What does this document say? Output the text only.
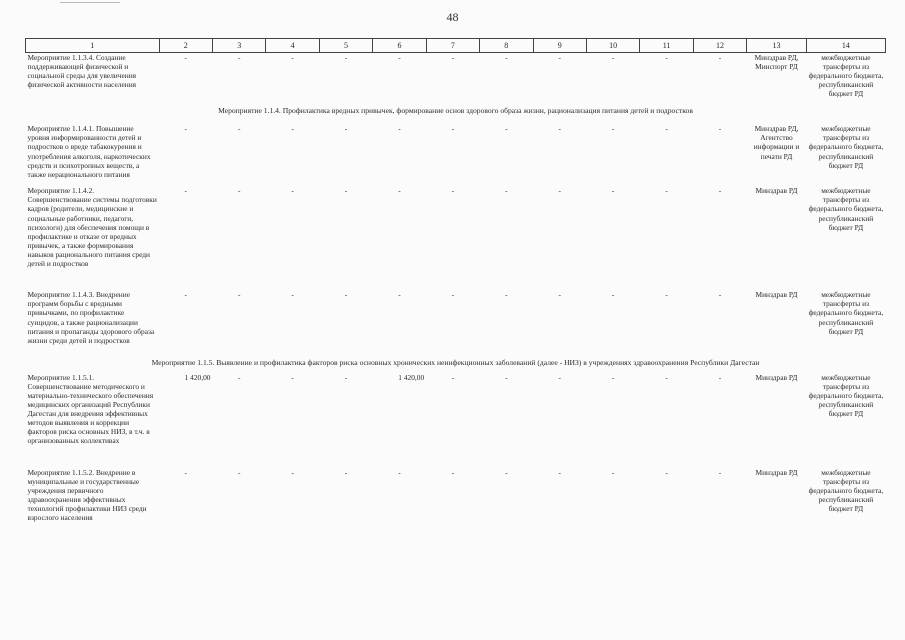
48
1	2	3	4	5	6	7	8	9	10	11	12	13	14
Мероприятие 1.1.3.4. Создание поддерживающей физической и социальной среды для увеличения физической активности населения	-	-	-	-	-	-	-	-	-	-	-	Минздрав РД, Минспорт РД	межбюджетные трансферты из федерального бюджета, республиканский бюджет РД
Мероприятие 1.1.4. Профилактика вредных привычек, формирование основ здорового образа жизни, рационализация питания детей и подростков													
Мероприятие 1.1.4.1. Повышение уровня информированности детей и подростков о вреде табакокурения и употребления алкоголя, наркотических средств и психотропных веществ, а также нерационального питания	-	-	-	-	-	-	-	-	-	-	-	Минздрав РД, Агентство информации и печати РД	межбюджетные трансферты из федерального бюджета, республиканский бюджет РД
Мероприятие 1.1.4.2. Совершенствование системы подготовки кадров (родители, медицинские и социальные работники, педагоги, психологи) для обеспечения помощи в профилактике и отказе от вредных привычек, а также формирования навыков рационального питания среди детей и подростков	-	-	-	-	-	-	-	-	-	-	-	Минздрав РД	межбюджетные трансферты из федерального бюджета, республиканский бюджет РД
Мероприятие 1.1.4.3. Внедрение программ борьбы с вредными привычками, по профилактике суицидов, а также рационализации питания и пропаганды здорового образа жизни среди детей и подростков	-	-	-	-	-	-	-	-	-	-	-	Минздрав РД	межбюджетные трансферты из федерального бюджета, республиканский бюджет РД
Мероприятие 1.1.5. Выявление и профилактика факторов риска основных хронических неинфекционных заболеваний (далее - НИЗ) в учреждениях здравоохранения Республики Дагестан													
Мероприятие 1.1.5.1. Совершенствование методического и материально-технического обеспечения медицинских организаций Республики Дагестан для внедрения эффективных методов выявления и коррекции факторов риска основных НИЗ, в т.ч. в организованных коллективах	1 420,00	-	-	-	1 420,00	-	-	-	-	-	-	Минздрав РД	межбюджетные трансферты из федерального бюджета, республиканский бюджет РД
Мероприятие 1.1.5.2. Внедрение в муниципальные и государственные учреждения первичного здравоохранения эффективных технологий профилактики НИЗ среди взрослого населения	-	-	-	-	-	-	-	-	-	-	-	Минздрав РД	межбюджетные трансферты из федерального бюджета, республиканский бюджет РД
